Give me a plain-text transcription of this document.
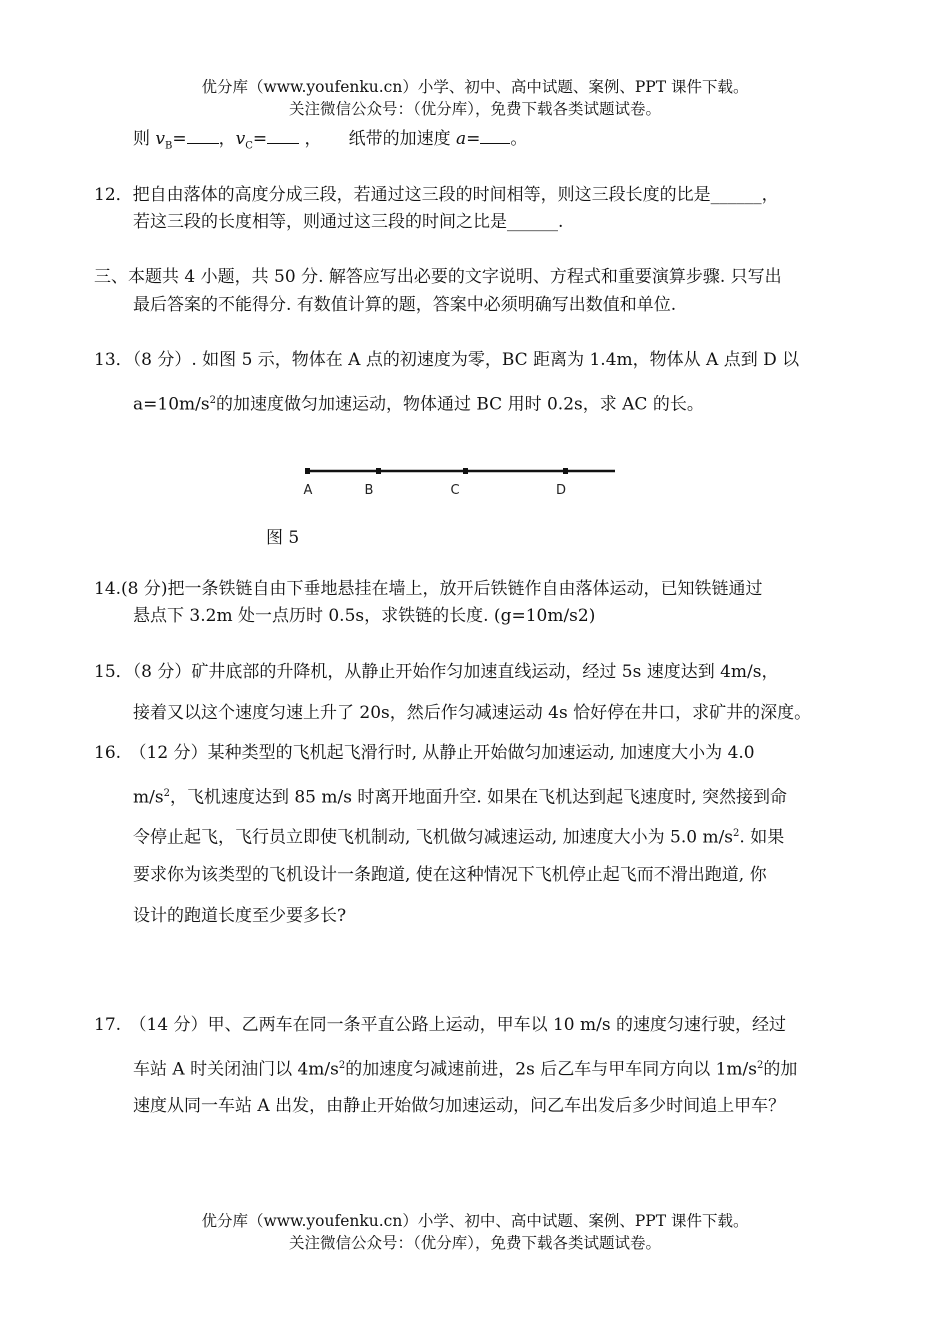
优分库（www.youfenku.cn）小学、初中、高中试题、案例、PPT 课件下载。
关注微信公众号：（优分库），免费下载各类试题试卷。
则 $v_B=$ ，$v_C=$ ， 纸带的加速度 a= 。
12．把自由落体的高度分成三段，若通过这三段的时间相等，则这三段长度的比是______，
若这三段的长度相等，则通过这三段的时间之比是______.
三、本题共 4 小题，共 50 分. 解答应写出必要的文字说明、方程式和重要演算步骤. 只写出
最后答案的不能得分. 有数值计算的题，答案中必须明确写出数值和单位.
13．（8 分）. 如图 5 示，物体在 A 点的初速度为零，BC 距离为 1.4m，物体从 A 点到 D 以
$a=10m/s^2$的加速度做匀加速运动，物体通过 BC 用时 0.2s，求 AC 的长。
A	B	C	D
图 5
14.(8 分)把一条铁链自由下垂地悬挂在墙上，放开后铁链作自由落体运动，已知铁链通过
悬点下 3.2m 处一点历时 0.5s，求铁链的长度. (g=10m/s2)
15．（8 分）矿井底部的升降机，从静止开始作匀加速直线运动，经过 5s 速度达到 4m/s，
接着又以这个速度匀速上升了 20s，然后作匀减速运动 4s 恰好停在井口，求矿井的深度。
16.　（12 分）某种类型的飞机起飞滑行时, 从静止开始做匀加速运动, 加速度大小为 4.0
$m/s^2$，飞机速度达到 85 m/s 时离开地面升空. 如果在飞机达到起飞速度时, 突然接到命
令停止起飞，飞行员立即使飞机制动, 飞机做匀减速运动, 加速度大小为 5.0 $m/s^2$. 如果
要求你为该类型的飞机设计一条跑道, 使在这种情况下飞机停止起飞而不滑出跑道, 你
设计的跑道长度至少要多长?
17.　（14 分）甲、乙两车在同一条平直公路上运动，甲车以 10 m/s 的速度匀速行驶，经过
车站 A 时关闭油门以 $4m/s^2$的加速度匀减速前进，2s 后乙车与甲车同方向以 $1m/s^2$的加
速度从同一车站 A 出发，由静止开始做匀加速运动，问乙车出发后多少时间追上甲车？
优分库（www.youfenku.cn）小学、初中、高中试题、案例、PPT 课件下载。
关注微信公众号：（优分库），免费下载各类试题试卷。
